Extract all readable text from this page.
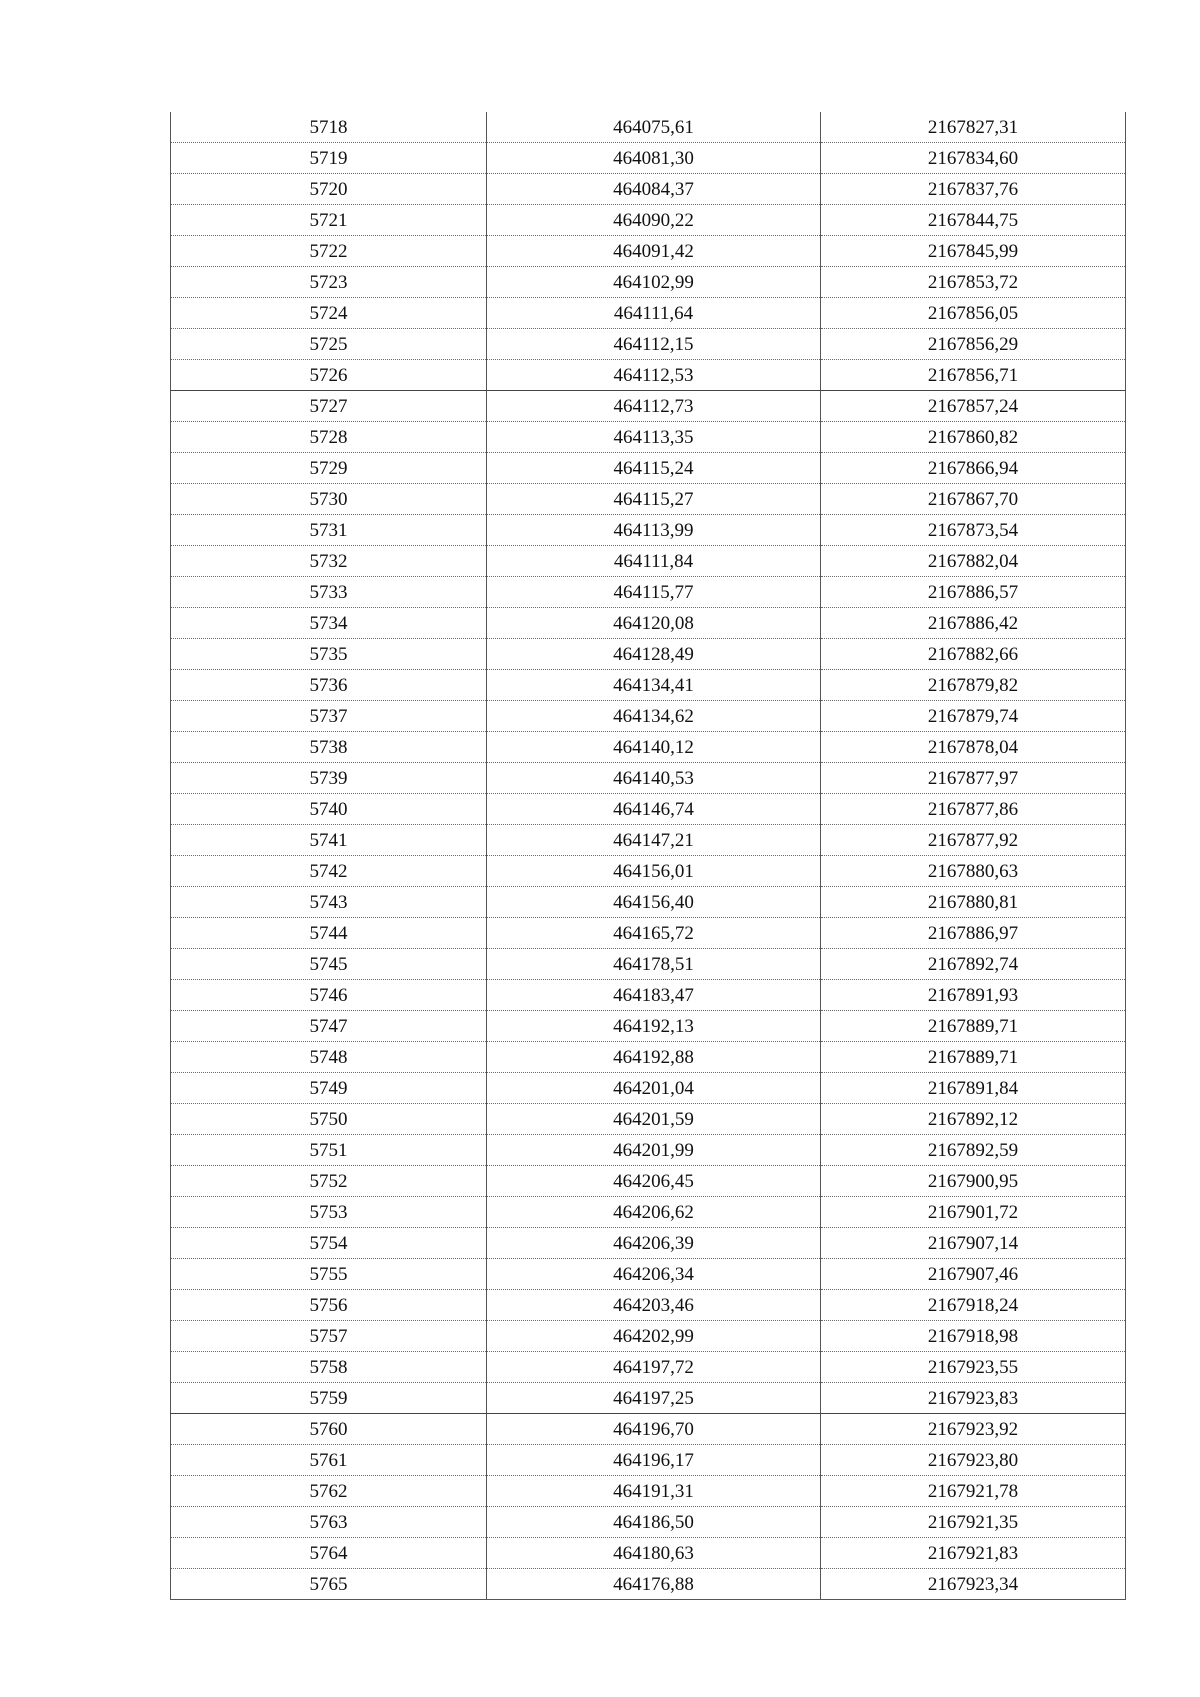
5718	464075,61	2167827,31
5719	464081,30	2167834,60
5720	464084,37	2167837,76
5721	464090,22	2167844,75
5722	464091,42	2167845,99
5723	464102,99	2167853,72
5724	464111,64	2167856,05
5725	464112,15	2167856,29
5726	464112,53	2167856,71
5727	464112,73	2167857,24
5728	464113,35	2167860,82
5729	464115,24	2167866,94
5730	464115,27	2167867,70
5731	464113,99	2167873,54
5732	464111,84	2167882,04
5733	464115,77	2167886,57
5734	464120,08	2167886,42
5735	464128,49	2167882,66
5736	464134,41	2167879,82
5737	464134,62	2167879,74
5738	464140,12	2167878,04
5739	464140,53	2167877,97
5740	464146,74	2167877,86
5741	464147,21	2167877,92
5742	464156,01	2167880,63
5743	464156,40	2167880,81
5744	464165,72	2167886,97
5745	464178,51	2167892,74
5746	464183,47	2167891,93
5747	464192,13	2167889,71
5748	464192,88	2167889,71
5749	464201,04	2167891,84
5750	464201,59	2167892,12
5751	464201,99	2167892,59
5752	464206,45	2167900,95
5753	464206,62	2167901,72
5754	464206,39	2167907,14
5755	464206,34	2167907,46
5756	464203,46	2167918,24
5757	464202,99	2167918,98
5758	464197,72	2167923,55
5759	464197,25	2167923,83
5760	464196,70	2167923,92
5761	464196,17	2167923,80
5762	464191,31	2167921,78
5763	464186,50	2167921,35
5764	464180,63	2167921,83
5765	464176,88	2167923,34
